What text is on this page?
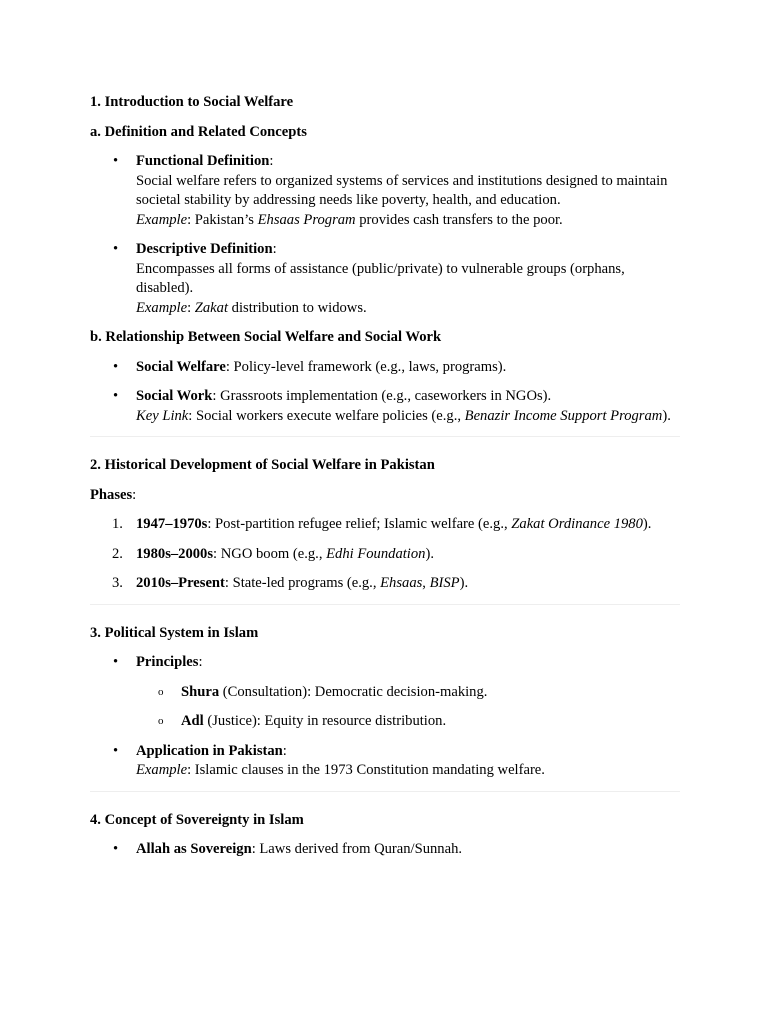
1. Introduction to Social Welfare
a. Definition and Related Concepts
• Functional Definition:
Social welfare refers to organized systems of services and institutions designed to maintain societal stability by addressing needs like poverty, health, and education.
Example: Pakistan’s Ehsaas Program provides cash transfers to the poor.
• Descriptive Definition:
Encompasses all forms of assistance (public/private) to vulnerable groups (orphans, disabled).
Example: Zakat distribution to widows.
b. Relationship Between Social Welfare and Social Work
• Social Welfare: Policy-level framework (e.g., laws, programs).
• Social Work: Grassroots implementation (e.g., caseworkers in NGOs).
Key Link: Social workers execute welfare policies (e.g., Benazir Income Support Program).
2. Historical Development of Social Welfare in Pakistan
Phases:
1. 1947–1970s: Post-partition refugee relief; Islamic welfare (e.g., Zakat Ordinance 1980).
2. 1980s–2000s: NGO boom (e.g., Edhi Foundation).
3. 2010s–Present: State-led programs (e.g., Ehsaas, BISP).
3. Political System in Islam
• Principles:
o Shura (Consultation): Democratic decision-making.
o Adl (Justice): Equity in resource distribution.
• Application in Pakistan:
Example: Islamic clauses in the 1973 Constitution mandating welfare.
4. Concept of Sovereignty in Islam
• Allah as Sovereign: Laws derived from Quran/Sunnah.
